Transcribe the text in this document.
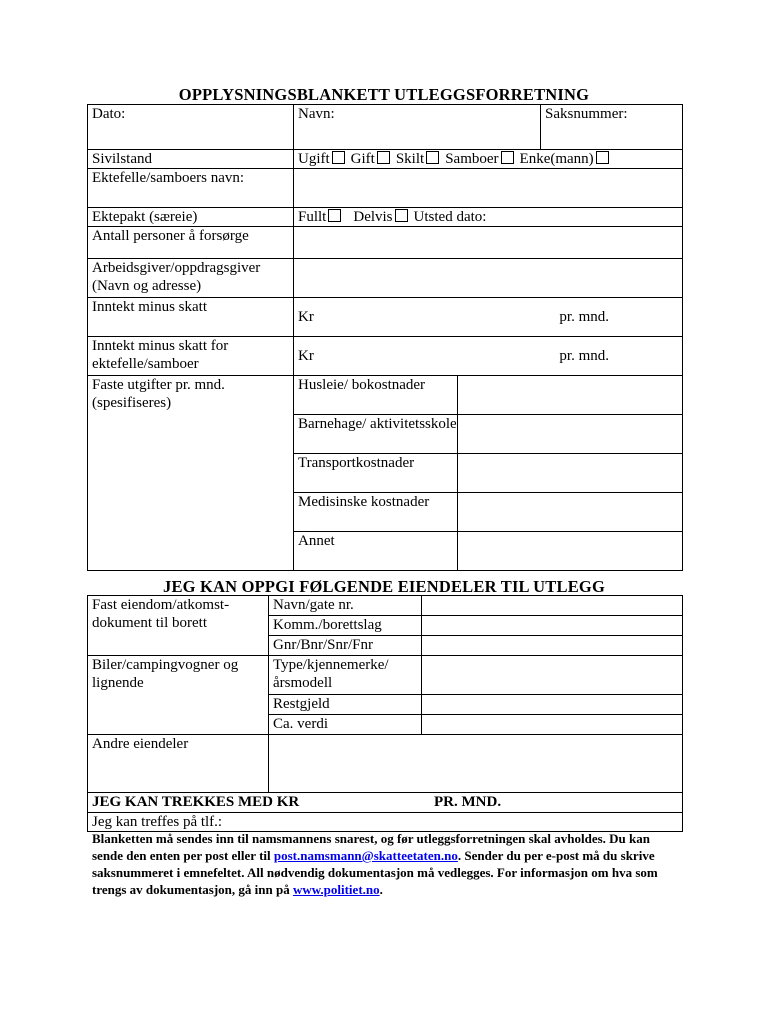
OPPLYSNINGSBLANKETT UTLEGGSFORRETNING
Dato:	Navn:		Saksnummer:
Sivilstand	Ugift Gift Skilt Samboer Enke(mann)		
Ektefelle/samboers navn:			
Ektepakt (særeie)	Fullt Delvis Utsted dato:		
Antall personer å forsørge			
Arbeidsgiver/oppdragsgiver (Navn og adresse)			
Inntekt minus skatt	Kr pr. mnd.		

Inntekt minus skatt for ektefelle/samboer	Kr pr. mnd.		

Faste utgifter pr. mnd. (spesifiseres)	Husleie/ bokostnader		
	Barnehage/ aktivitetsskole		
	Transportkostnader		
	Medisinske kostnader		
	Annet		
JEG KAN OPPGI FØLGENDE EIENDELER TIL UTLEGG
Fast eiendom/atkomst-dokument til borett	Navn/gate nr.	
	Komm./borettslag	
	Gnr/Bnr/Snr/Fnr	
Biler/campingvogner og lignende	Type/kjennemerke/ årsmodell	
	Restgjeld	
	Ca. verdi	
Andre eiendeler		
JEG KAN TREKKES MED KR PR. MND.		
Jeg kan treffes på tlf.:		
Blanketten må sendes inn til namsmannens snarest, og før utleggsforretningen skal avholdes. Du kan sende den enten per post eller til post.namsmann@skatteetaten.no. Sender du per e-post må du skrive saksnummeret i emnefeltet. All nødvendig dokumentasjon må vedlegges. For informasjon om hva som trengs av dokumentasjon, gå inn på www.politiet.no.
